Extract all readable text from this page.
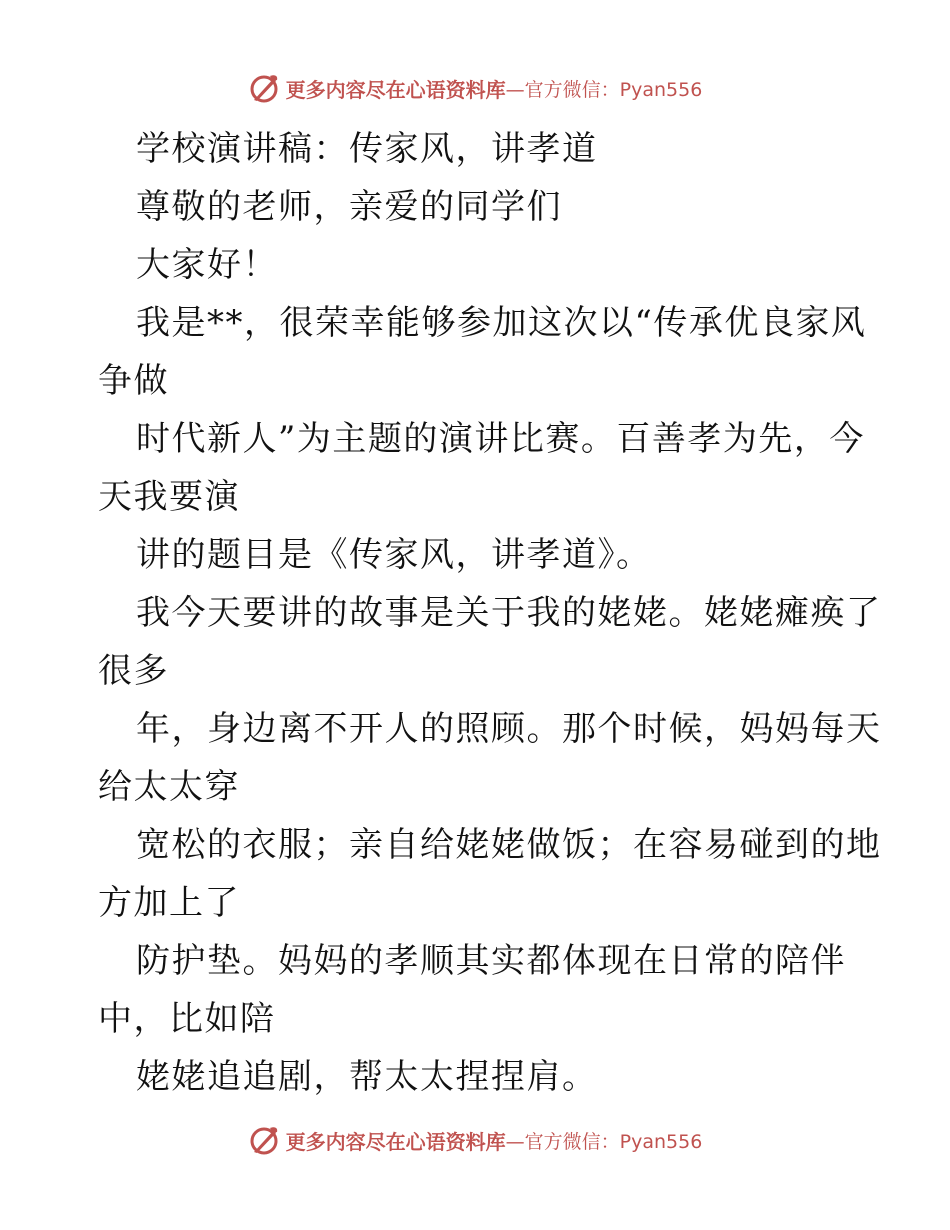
更多内容尽在心语资料库 —官方微信：Pyan556
学校演讲稿：传家风，讲孝道
尊敬的老师，亲爱的同学们
大家好！
我是**，很荣幸能够参加这次以“传承优良家风
争做
时代新人”为主题的演讲比赛。百善孝为先，今
天我要演
讲的题目是《传家风，讲孝道》。
我今天要讲的故事是关于我的姥姥。姥姥瘫痪了
很多
年，身边离不开人的照顾。那个时候，妈妈每天
给太太穿
宽松的衣服；亲自给姥姥做饭；在容易碰到的地
方加上了
防护垫。妈妈的孝顺其实都体现在日常的陪伴
中，比如陪
姥姥追追剧，帮太太捏捏肩。
更多内容尽在心语资料库 —官方微信：Pyan556
